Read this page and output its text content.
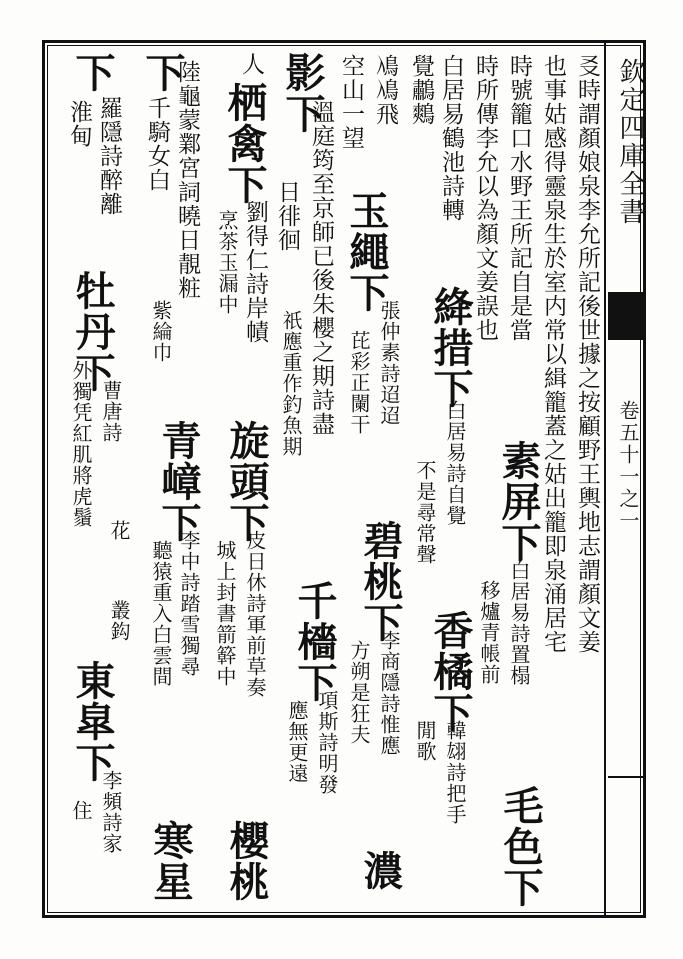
欽定四庫全書
卷五十一之一
㕛時謂顏娘泉李允所記後世據之按顧野王輿地志謂顏文姜
也事姑感得靈泉生於室内常以緝籠蓋之姑出籠即泉涌居宅
時號籠口水野王所記自是當
素屏下
白居易詩置榻
時所傳李允以為顏文姜誤也
移爐青帳前
毛色下
白居易鶴池詩轉
絳措下
白居易詩自覺
香橘下
韓翃詩把手
覺鷫鷞
不是尋常聲
閒歌
鳰鳰飛
空山一望
玉繩下
張仲素詩迢迢
芘彩正闌干
碧桃下
李商隱詩惟應
方朔是狂夫
濃
影下
溫庭筠至京師已後朱櫻之期詩盡
日徘徊
祇應重作釣魚期
千檣下
項斯詩明發
應無更遠
人
栖禽下
劉得仁詩岸幘
烹茶玉漏中
旋頭下
皮日休詩軍前草奏
城上封書箭簳中
櫻桃
下
陸龜蒙鄴宮詞曉日靚粧
千騎女白
紫綸巾
青嶂下
李中詩踏雪獨尋
聽猿重入白雲間
寒星
下
羅隱詩醉離
淮甸
牡丹下
曹唐詩
花
叢鈎
外獨凭紅肌將虎鬚
東皐下
李頻詩家
住
